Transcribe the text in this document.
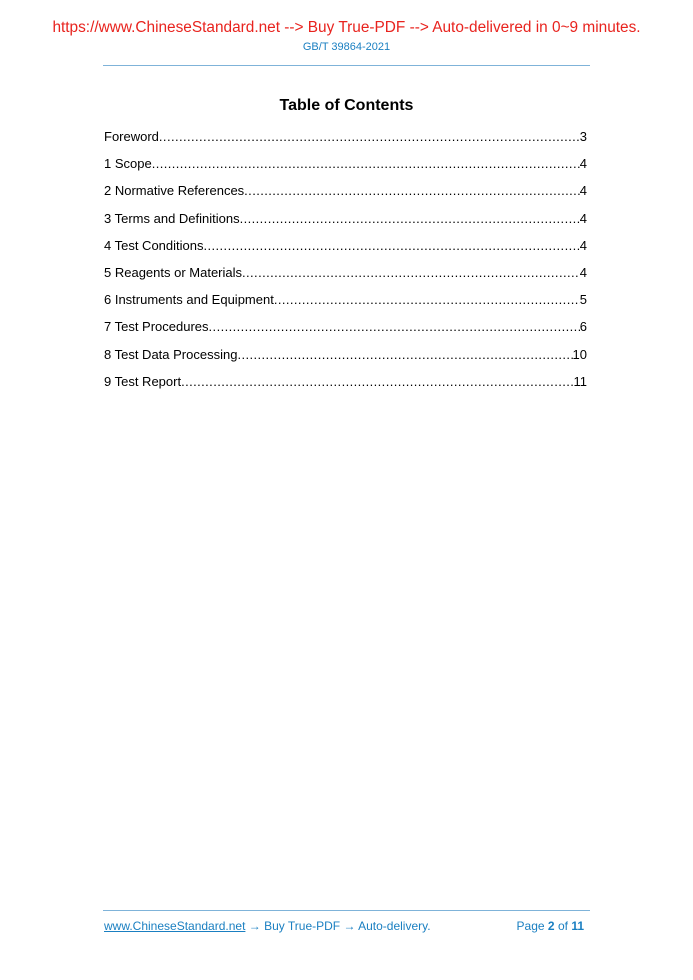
https://www.ChineseStandard.net --> Buy True-PDF --> Auto-delivered in 0~9 minutes.
GB/T 39864-2021
Table of Contents
Foreword .....	3
1 Scope .....	4
2 Normative References .....	4
3 Terms and Definitions .....	4
4 Test Conditions .....	4
5 Reagents or Materials .....	4
6 Instruments and Equipment .....	5
7 Test Procedures .....	6
8 Test Data Processing .....	10
9 Test Report .....	11
www.ChineseStandard.net → Buy True-PDF → Auto-delivery.	Page 2 of 11
